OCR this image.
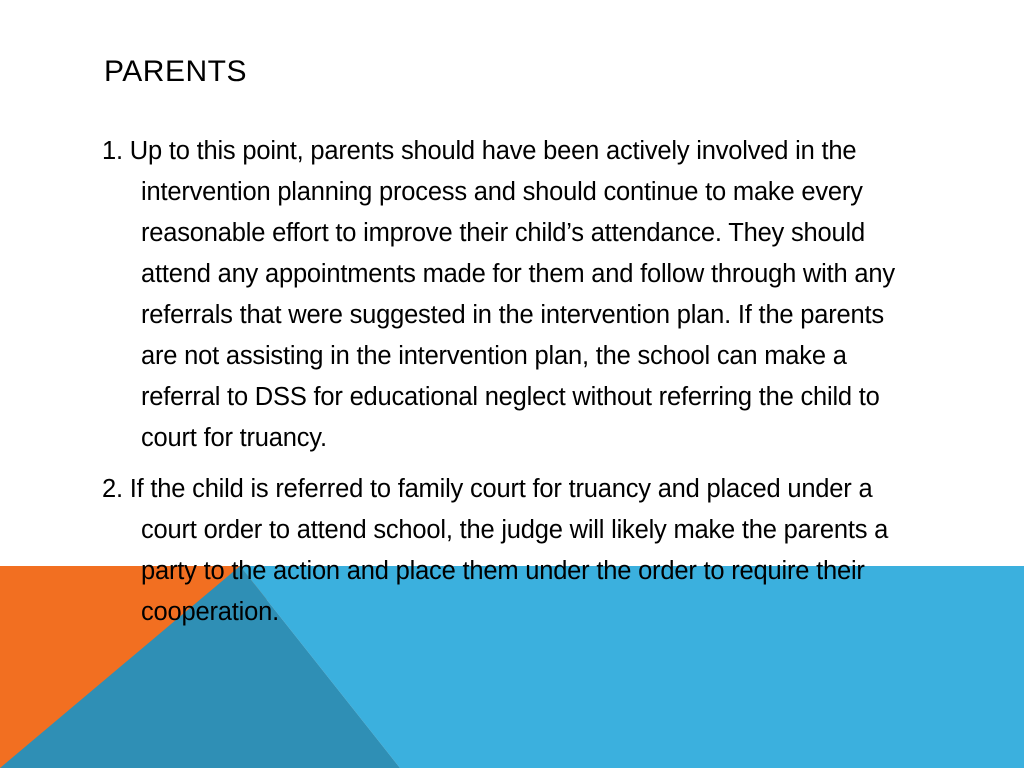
PARENTS
1. Up to this point, parents should have been actively involved in the intervention planning process and should continue to make every reasonable effort to improve their child’s attendance. They should attend any appointments made for them and follow through with any referrals that were suggested in the intervention plan. If the parents are not assisting in the intervention plan, the school can make a referral to DSS for educational neglect without referring the child to court for truancy.
2. If the child is referred to family court for truancy and placed under a court order to attend school, the judge will likely make the parents a party to the action and place them under the order to require their cooperation.
